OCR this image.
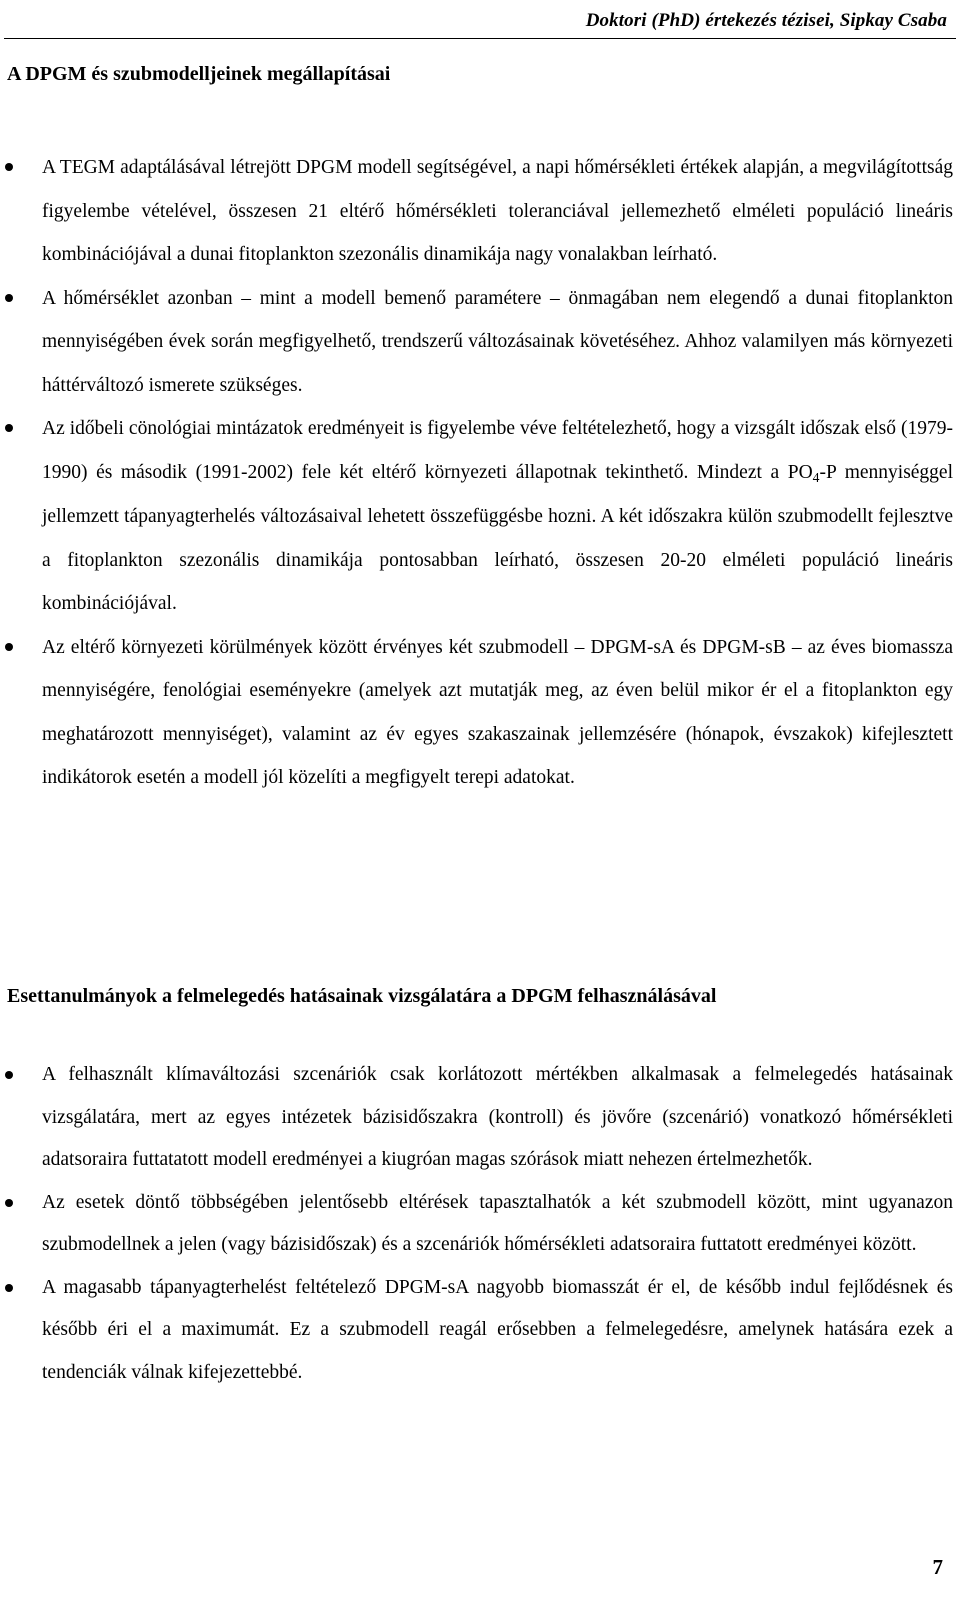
Doktori (PhD) értekezés tézisei, Sipkay Csaba
A DPGM és szubmodelljeinek megállapításai
A TEGM adaptálásával létrejött DPGM modell segítségével, a napi hőmérsékleti értékek alapján, a megvilágítottság figyelembe vételével, összesen 21 eltérő hőmérsékleti toleranciával jellemezhető elméleti populáció lineáris kombinációjával a dunai fitoplankton szezonális dinamikája nagy vonalakban leírható.
A hőmérséklet azonban – mint a modell bemenő paramétere – önmagában nem elegendő a dunai fitoplankton mennyiségében évek során megfigyelhető, trendszerű változásainak követéséhez. Ahhoz valamilyen más környezeti háttérváltozó ismerete szükséges.
Az időbeli cönológiai mintázatok eredményeit is figyelembe véve feltételezhető, hogy a vizsgált időszak első (1979-1990) és második (1991-2002) fele két eltérő környezeti állapotnak tekinthető. Mindezt a $PO_4-P$ mennyiséggel jellemzett tápanyagterhelés változásaival lehetett összefüggésbe hozni. A két időszakra külön szubmodellt fejlesztve a fitoplankton szezonális dinamikája pontosabban leírható, összesen 20-20 elméleti populáció lineáris kombinációjával.
Az eltérő környezeti körülmények között érvényes két szubmodell – DPGM-sA és DPGM-sB – az éves biomassza mennyiségére, fenológiai eseményekre (amelyek azt mutatják meg, az éven belül mikor ér el a fitoplankton egy meghatározott mennyiséget), valamint az év egyes szakaszainak jellemzésére (hónapok, évszakok) kifejlesztett indikátorok esetén a modell jól közelíti a megfigyelt terepi adatokat.
Esettanulmányok a felmelegedés hatásainak vizsgálatára a DPGM felhasználásával
A felhasznált klímaváltozási szcenáriók csak korlátozott mértékben alkalmasak a felmelegedés hatásainak vizsgálatára, mert az egyes intézetek bázisidőszakra (kontroll) és jövőre (szcenárió) vonatkozó hőmérsékleti adatsoraira futtatatott modell eredményei a kiugróan magas szórások miatt nehezen értelmezhetők.
Az esetek döntő többségében jelentősebb eltérések tapasztalhatók a két szubmodell között, mint ugyanazon szubmodellnek a jelen (vagy bázisidőszak) és a szcenáriók hőmérsékleti adatsoraira futtatott eredményei között.
A magasabb tápanyagterhelést feltételező DPGM-sA nagyobb biomasszát ér el, de később indul fejlődésnek és később éri el a maximumát. Ez a szubmodell reagál erősebben a felmelegedésre, amelynek hatására ezek a tendenciák válnak kifejezettebbé.
7
